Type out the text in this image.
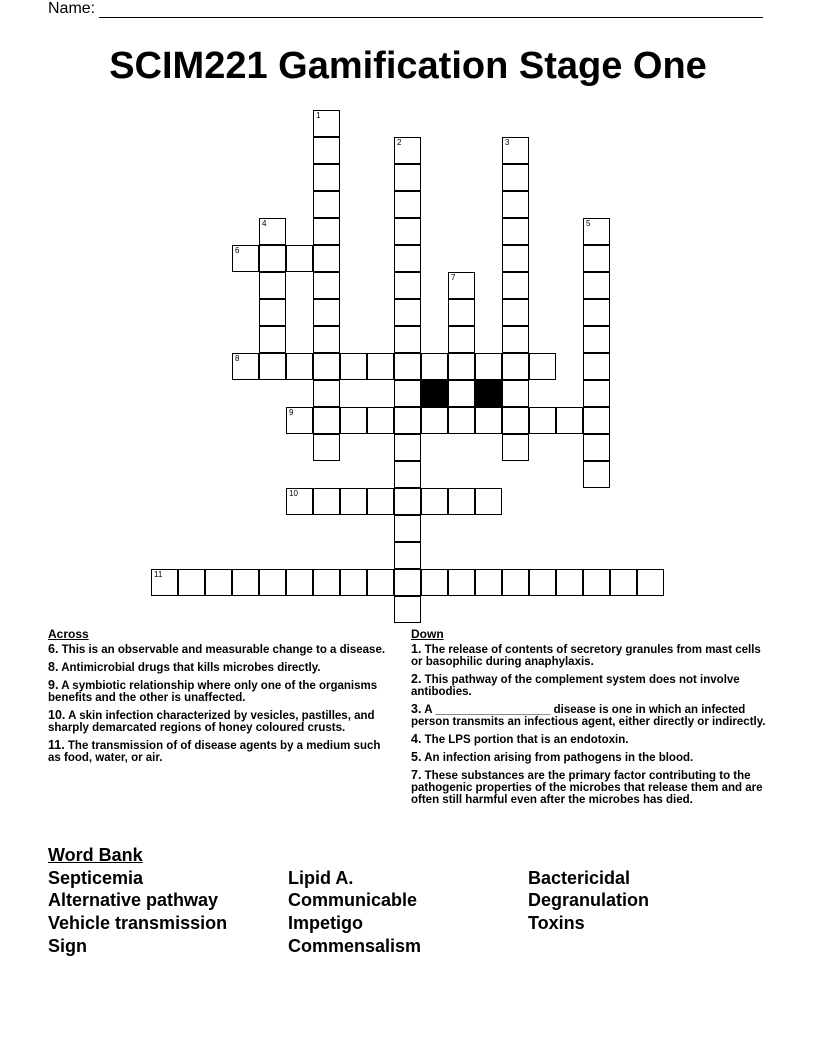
Name:
SCIM221 Gamification Stage One
1
2	3
4	5
6
7
8
9
10
11
Across
6. This is an observable and measurable change to a disease.
8. Antimicrobial drugs that kills microbes directly.
9. A symbiotic relationship where only one of the organisms benefits and the other is unaffected.
10. A skin infection characterized by vesicles, pastilles, and sharply demarcated regions of honey coloured crusts.
11. The transmission of of disease agents by a medium such as food, water, or air.
Down
1. The release of contents of secretory granules from mast cells or basophilic during anaphylaxis.
2. This pathway of the complement system does not involve antibodies.
3. A __________________ disease is one in which an infected person transmits an infectious agent, either directly or indirectly.
4. The LPS portion that is an endotoxin.
5. An infection arising from pathogens in the blood.
7. These substances are the primary factor contributing to the pathogenic properties of the microbes that release them and are often still harmful even after the microbes has died.
Word Bank
Septicemia
Alternative pathway
Vehicle transmission
Sign
Lipid A.
Communicable
Impetigo
Commensalism
Bactericidal
Degranulation
Toxins
